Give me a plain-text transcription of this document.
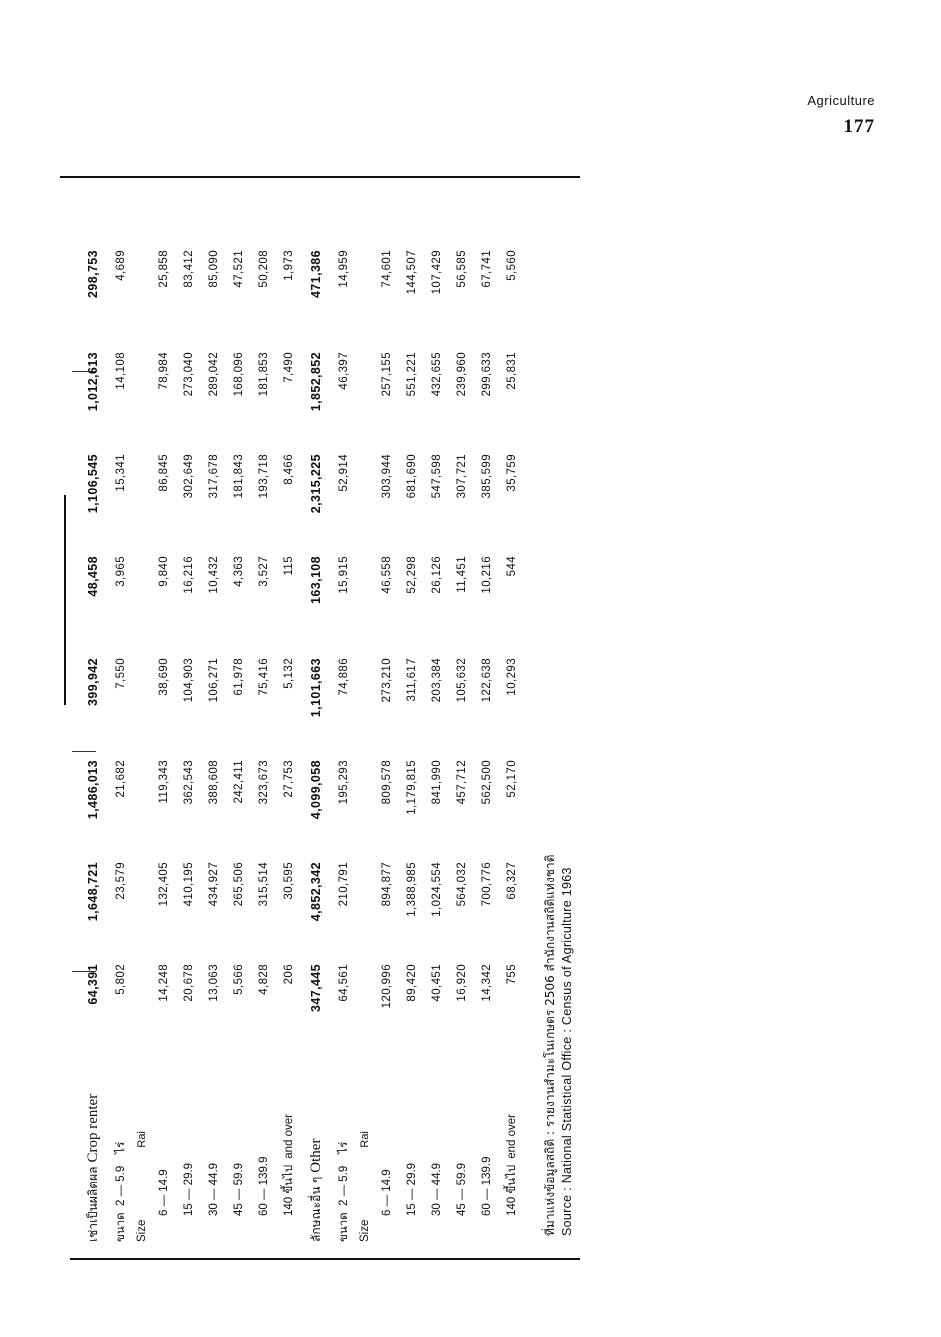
Agriculture
177
เช่าเป็นผลิตผลCrop renter	64,391	1,648,721	1,486,013	399,942	48,458	1,106,545	1,012,613	298,753
ขนาด2 — 5.9ไร่	5,802	23,579	21,682	7,550	3,965	15,341	14,108	4,689
SizeRai								
6 — 14.9	14,248	132,405	119,343	38,690	9,840	86,845	78,984	25,858
15 — 29.9	20,678	410,195	362,543	104,903	16,216	302,649	273,040	83,412
30 — 44.9	13,063	434,927	388,608	106,271	10,432	317,678	289,042	85,090
45 — 59.9	5,566	265,506	242,411	61,978	4,363	181,843	168,096	47,521
60 — 139.9	4,828	315,514	323,673	75,416	3,527	193,718	181,853	50,208
140 ขึ้นไปand over	206	30,595	27,753	5,132	115	8,466	7,490	1,973
ลักษณะอื่น ๆOther	347,445	4,852,342	4,099,058	1,101,663	163,108	2,315,225	1,852,852	471,386
ขนาด2 — 5.9ไร่	64,561	210,791	195,293	74,886	15,915	52,914	46,397	14,959
SizeRai								
6 — 14.9	120,996	894,877	809,578	273,210	46,558	303,944	257,155	74,601
15 — 29.9	89,420	1,388,985	1,179,815	311,617	52,298	681,690	551,221	144,507
30 — 44.9	40,451	1,024,554	841,990	203,384	26,126	547,598	432,655	107,429
45 — 59.9	16,920	564,032	457,712	105,632	11,451	307,721	239,960	56,585
60 — 139.9	14,342	700,776	562,500	122,638	10,216	385,599	299,633	67,741
140 ขึ้นไปend over	755	68,327	52,170	10,293	544	35,759	25,831	5,560
ที่มาแห่งข้อมูลสถิติ : รายงานสำมะโนเกษตร 2506 สำนักงานสถิติแห่งชาติ Source : National Statistical Office : Census of Agriculture 1963
